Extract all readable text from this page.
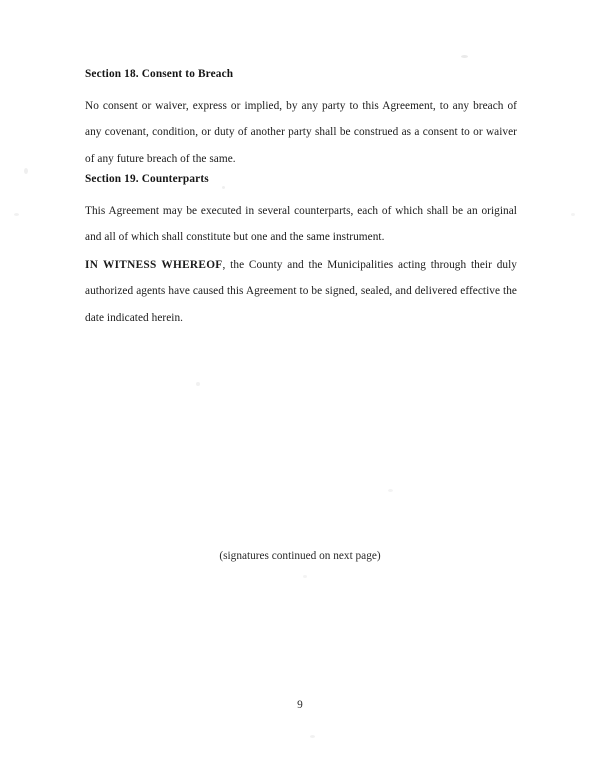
Section 18. Consent to Breach

No consent or waiver, express or implied, by any party to this Agreement, to any breach of any covenant, condition, or duty of another party shall be construed as a consent to or waiver of any future breach of the same.

Section 19. Counterparts

This Agreement may be executed in several counterparts, each of which shall be an original and all of which shall constitute but one and the same instrument.

IN WITNESS WHEREOF, the County and the Municipalities acting through their duly authorized agents have caused this Agreement to be signed, sealed, and delivered effective the date indicated herein.

(signatures continued on next page)
9
